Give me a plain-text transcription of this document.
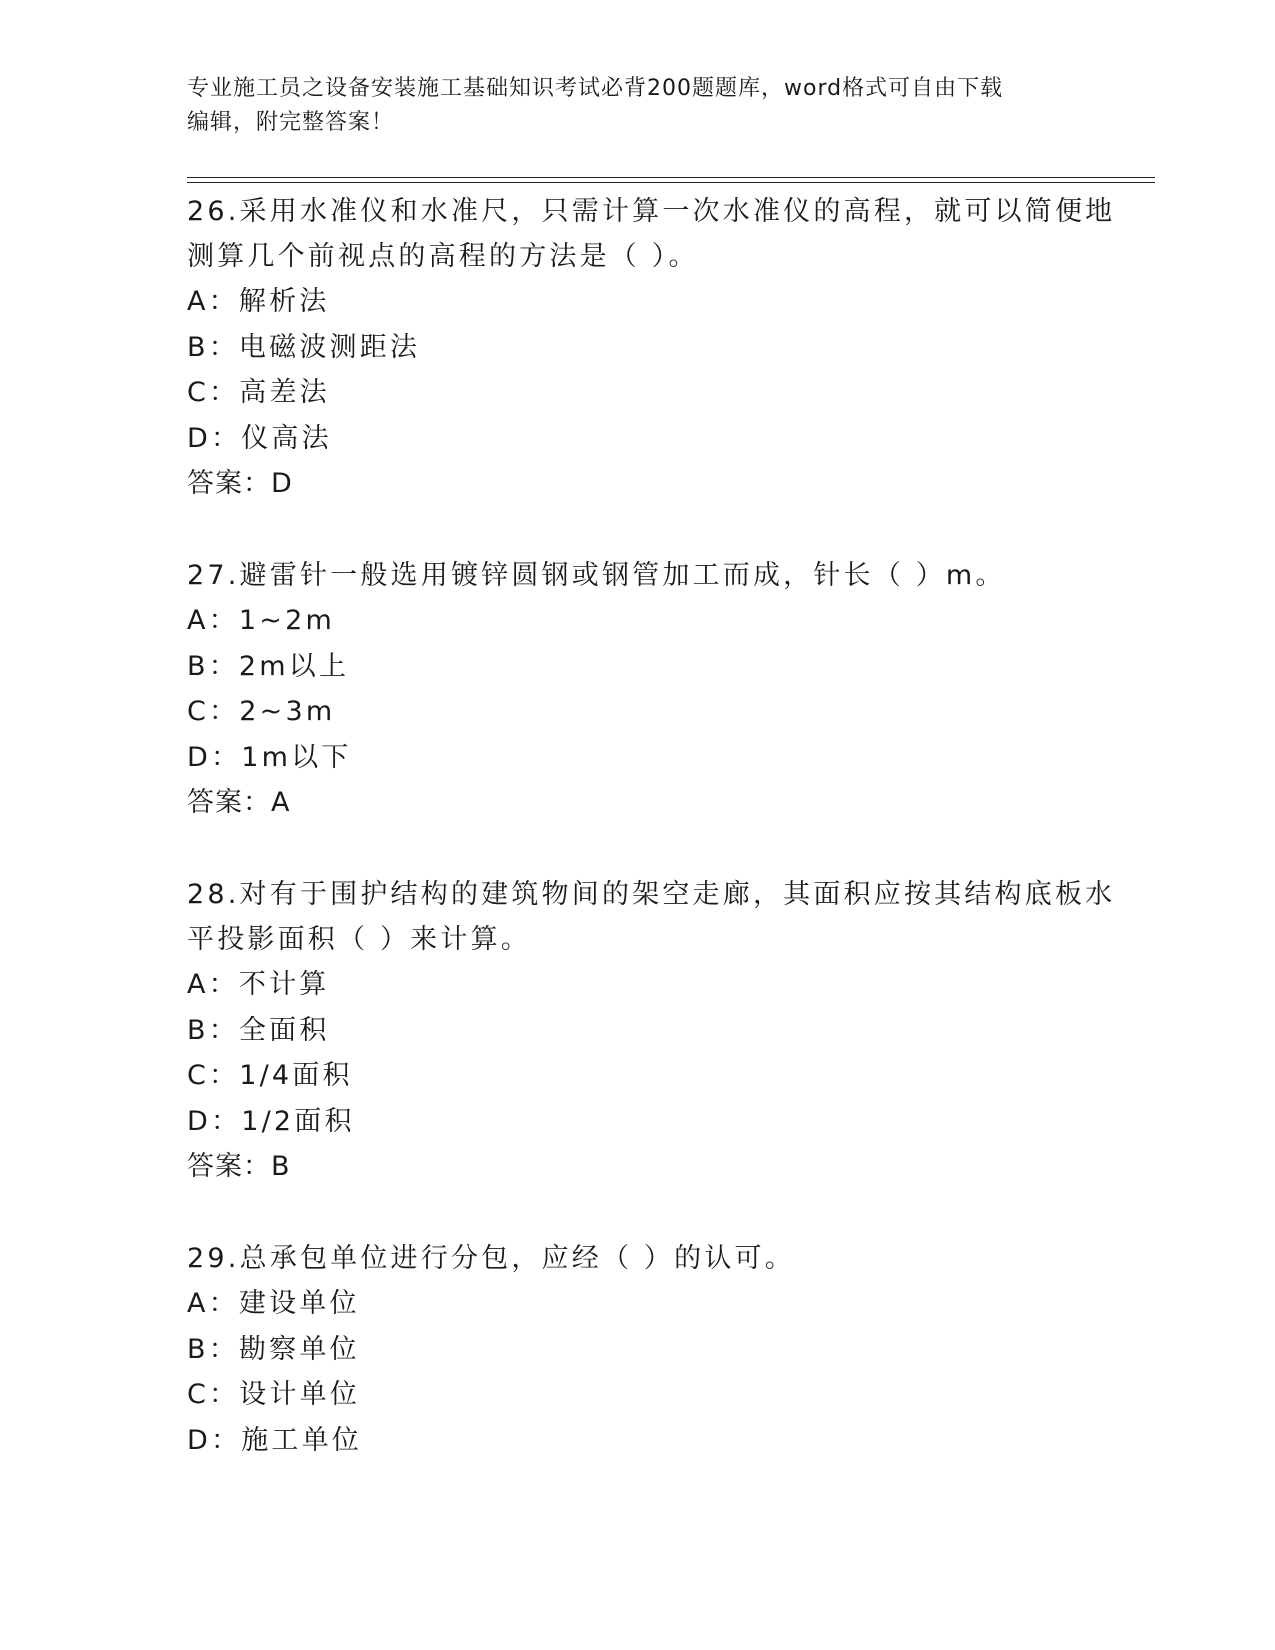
专业施工员之设备安装施工基础知识考试必背200题题库，word格式可自由下载
编辑，附完整答案！
26.采用水准仪和水准尺，只需计算一次水准仪的高程，就可以简便地
测算几个前视点的高程的方法是（ ）。
A：解析法
B：电磁波测距法
C：高差法
D：仪高法
答案：D
27.避雷针一般选用镀锌圆钢或钢管加工而成，针长（ ）m。
A：1~2m
B：2m以上
C：2~3m
D：1m以下
答案：A
28.对有于围护结构的建筑物间的架空走廊，其面积应按其结构底板水
平投影面积（ ）来计算。
A：不计算
B：全面积
C：1/4面积
D：1/2面积
答案：B
29.总承包单位进行分包，应经（ ）的认可。
A：建设单位
B：勘察单位
C：设计单位
D：施工单位
